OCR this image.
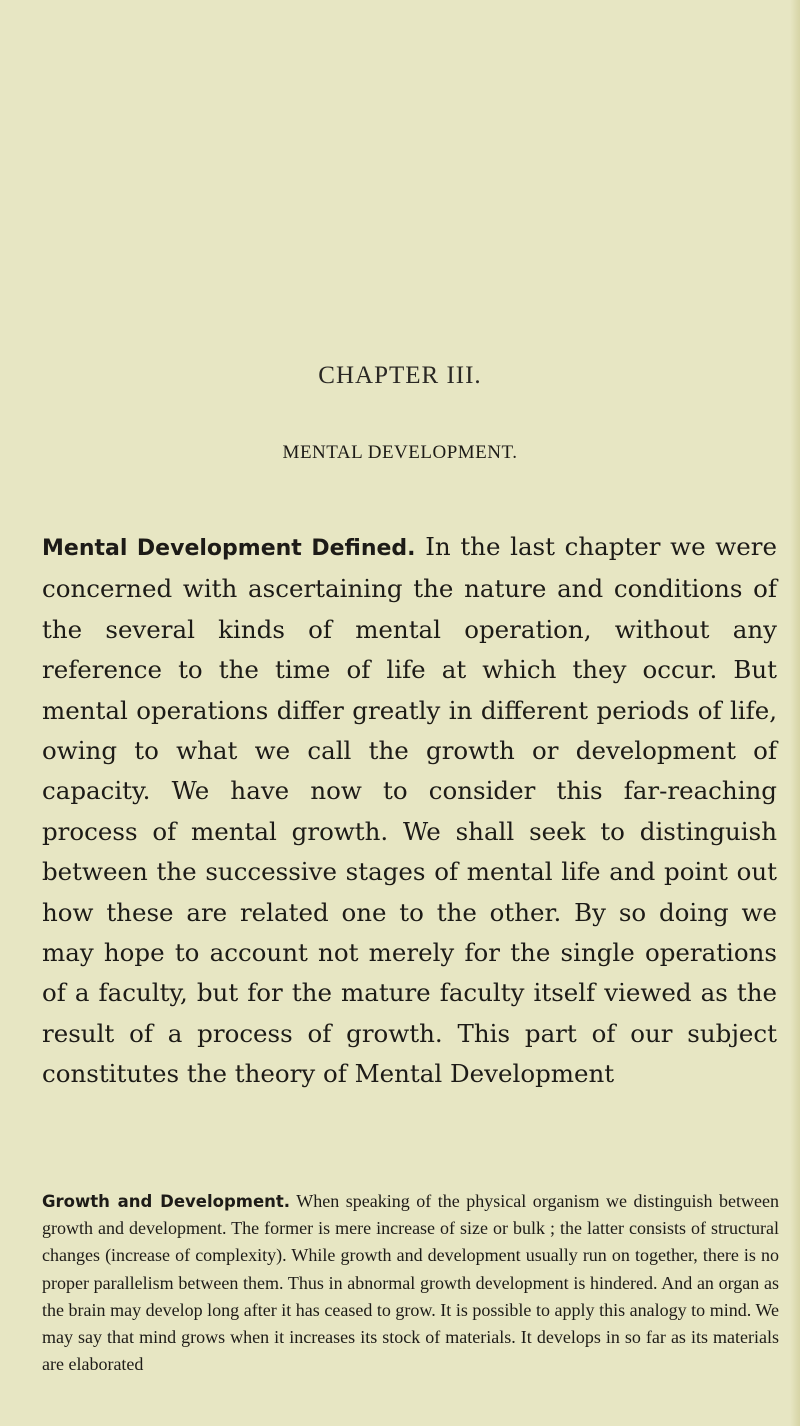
CHAPTER III.
MENTAL DEVELOPMENT.

Mental Development Defined. In the last chapter we were concerned with ascertaining the nature and conditions of the several kinds of mental operation, without any reference to the time of life at which they occur. But mental operations differ greatly in different periods of life, owing to what we call the growth or development of capacity. We have now to consider this far-reaching process of mental growth. We shall seek to distinguish between the successive stages of mental life and point out how these are related one to the other. By so doing we may hope to account not merely for the single operations of a faculty, but for the mature faculty itself viewed as the result of a process of growth. This part of our subject constitutes the theory of Mental Development

Growth and Development. When speaking of the physical organism we distinguish between growth and development. The former is mere increase of size or bulk ; the latter consists of structural changes (increase of complexity). While growth and development usually run on together, there is no proper parallelism between them. Thus in abnormal growth development is hindered. And an organ as the brain may develop long after it has ceased to grow. It is possible to apply this analogy to mind. We may say that mind grows when it increases its stock of materials. It develops in so far as its materials are elaborated
